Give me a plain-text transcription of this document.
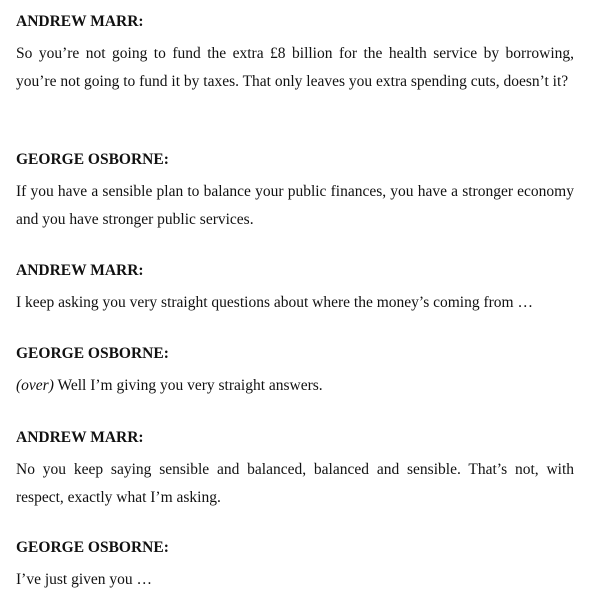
ANDREW MARR:

So you’re not going to fund the extra £8 billion for the health service by borrowing, you’re not going to fund it by taxes. That only leaves you extra spending cuts, doesn’t it?

GEORGE OSBORNE:

If you have a sensible plan to balance your public finances, you have a stronger economy and you have stronger public services.

ANDREW MARR:

I keep asking you very straight questions about where the money’s coming from …

GEORGE OSBORNE:

(over) Well I’m giving you very straight answers.

ANDREW MARR:

No you keep saying sensible and balanced, balanced and sensible. That’s not, with respect, exactly what I’m asking.

GEORGE OSBORNE:

I’ve just given you …
